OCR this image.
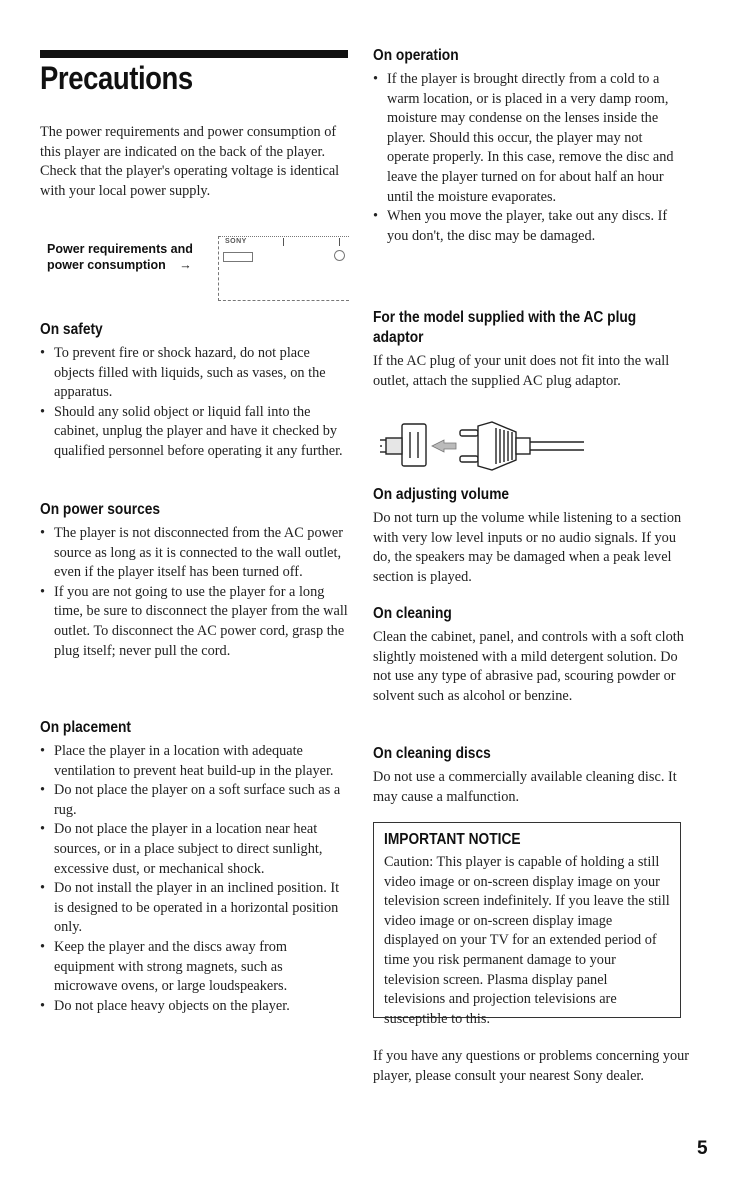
Precautions

The power requirements and power consumption of this player are indicated on the back of the player. Check that the player's operating voltage is identical with your local power supply.

Power requirements and
power consumption →
SONY
On safety
• To prevent fire or shock hazard, do not place objects filled with liquids, such as vases, on the apparatus.
• Should any solid object or liquid fall into the cabinet, unplug the player and have it checked by qualified personnel before operating it any further.
On power sources
• The player is not disconnected from the AC power source as long as it is connected to the wall outlet, even if the player itself has been turned off.
• If you are not going to use the player for a long time, be sure to disconnect the player from the wall outlet. To disconnect the AC power cord, grasp the plug itself; never pull the cord.
On placement
• Place the player in a location with adequate ventilation to prevent heat build-up in the player.
• Do not place the player on a soft surface such as a rug.
• Do not place the player in a location near heat sources, or in a place subject to direct sunlight, excessive dust, or mechanical shock.
• Do not install the player in an inclined position. It is designed to be operated in a horizontal position only.
• Keep the player and the discs away from equipment with strong magnets, such as microwave ovens, or large loudspeakers.
• Do not place heavy objects on the player.
On operation
• If the player is brought directly from a cold to a warm location, or is placed in a very damp room, moisture may condense on the lenses inside the player. Should this occur, the player may not operate properly. In this case, remove the disc and leave the player turned on for about half an hour until the moisture evaporates.
• When you move the player, take out any discs. If you don't, the disc may be damaged.
For the model supplied with the AC plug adaptor

If the AC plug of your unit does not fit into the wall outlet, attach the supplied AC plug adaptor.

On adjusting volume

Do not turn up the volume while listening to a section with very low level inputs or no audio signals. If you do, the speakers may be damaged when a peak level section is played.

On cleaning

Clean the cabinet, panel, and controls with a soft cloth slightly moistened with a mild detergent solution. Do not use any type of abrasive pad, scouring powder or solvent such as alcohol or benzine.

On cleaning discs

Do not use a commercially available cleaning disc. It may cause a malfunction.

IMPORTANT NOTICE

Caution: This player is capable of holding a still video image or on-screen display image on your television screen indefinitely. If you leave the still video image or on-screen display image displayed on your TV for an extended period of time you risk permanent damage to your television screen. Plasma display panel televisions and projection televisions are susceptible to this.

If you have any questions or problems concerning your player, please consult your nearest Sony dealer.

5
